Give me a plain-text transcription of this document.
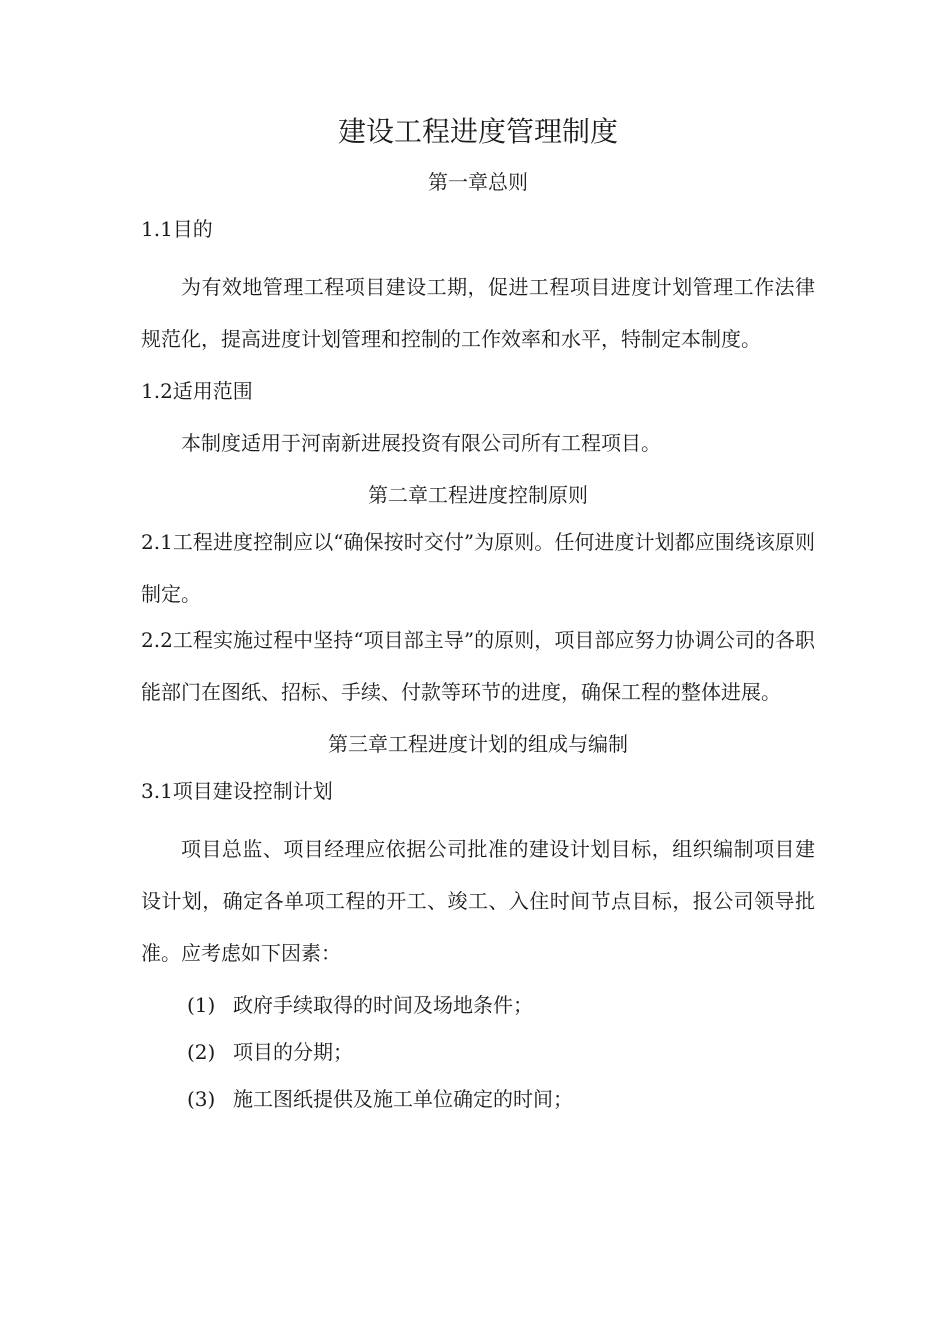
建设工程进度管理制度
第一章总则
1.1目的

为有效地管理工程项目建设工期，促进工程项目进度计划管理工作法律规范化，提高进度计划管理和控制的工作效率和水平，特制定本制度。

1.2适用范围

本制度适用于河南新进展投资有限公司所有工程项目。

第二章工程进度控制原则

2.1工程进度控制应以“确保按时交付”为原则。任何进度计划都应围绕该原则制定。

2.2工程实施过程中坚持“项目部主导”的原则，项目部应努力协调公司的各职能部门在图纸、招标、手续、付款等环节的进度，确保工程的整体进展。

第三章工程进度计划的组成与编制
3.1项目建设控制计划

项目总监、项目经理应依据公司批准的建设计划目标，组织编制项目建设计划，确定各单项工程的开工、竣工、入住时间节点目标，报公司领导批准。应考虑如下因素：

(1) 政府手续取得的时间及场地条件；
(2) 项目的分期；
(3) 施工图纸提供及施工单位确定的时间；
